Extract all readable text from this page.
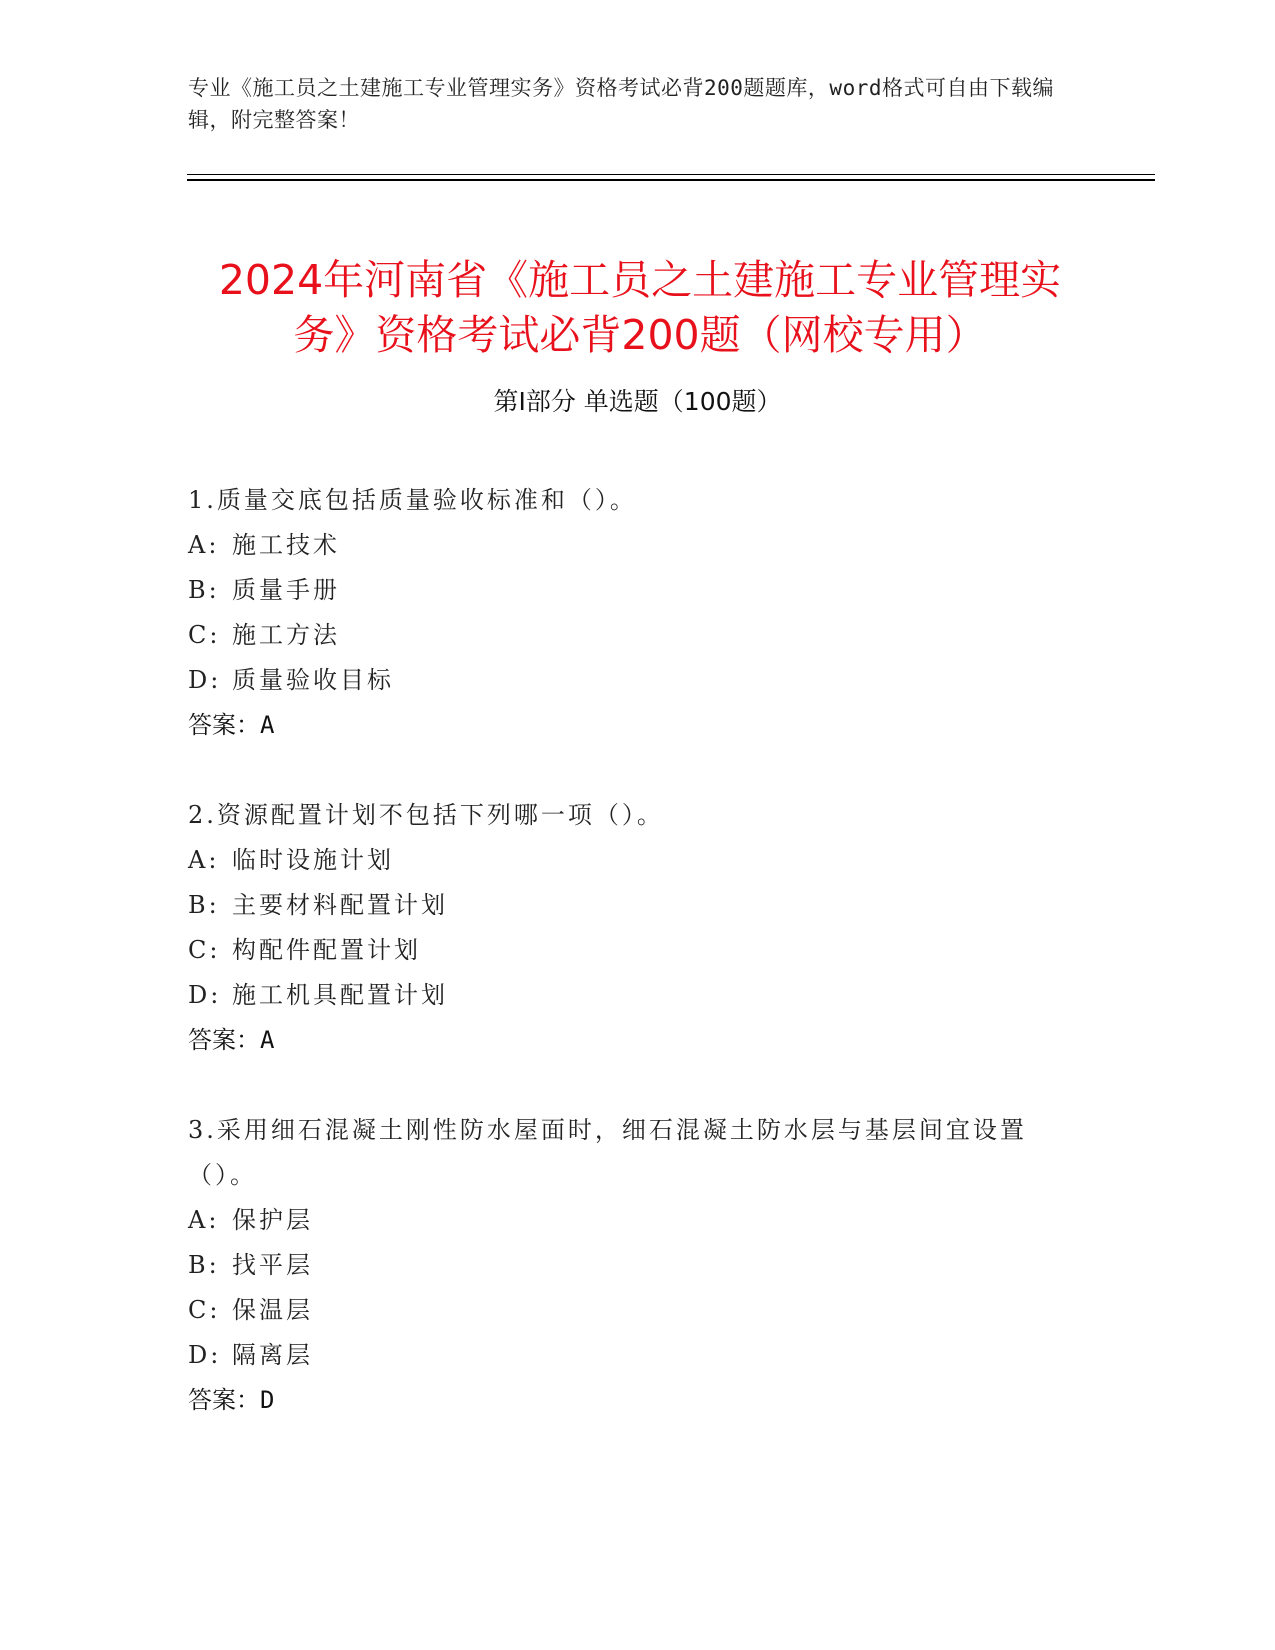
专业《施工员之土建施工专业管理实务》资格考试必背200题题库，word格式可自由下载编辑，附完整答案！
2024年河南省《施工员之土建施工专业管理实务》资格考试必背200题（网校专用）
第I部分 单选题（100题）

1.质量交底包括质量验收标准和（）。

A: 施工技术
B: 质量手册
C: 施工方法
D: 质量验收目标
答案：A

2.资源配置计划不包括下列哪一项（）。

A: 临时设施计划
B: 主要材料配置计划
C: 构配件配置计划
D: 施工机具配置计划
答案：A

3.采用细石混凝土刚性防水屋面时，细石混凝土防水层与基层间宜设置（）。

A: 保护层
B: 找平层
C: 保温层
D: 隔离层
答案：D
